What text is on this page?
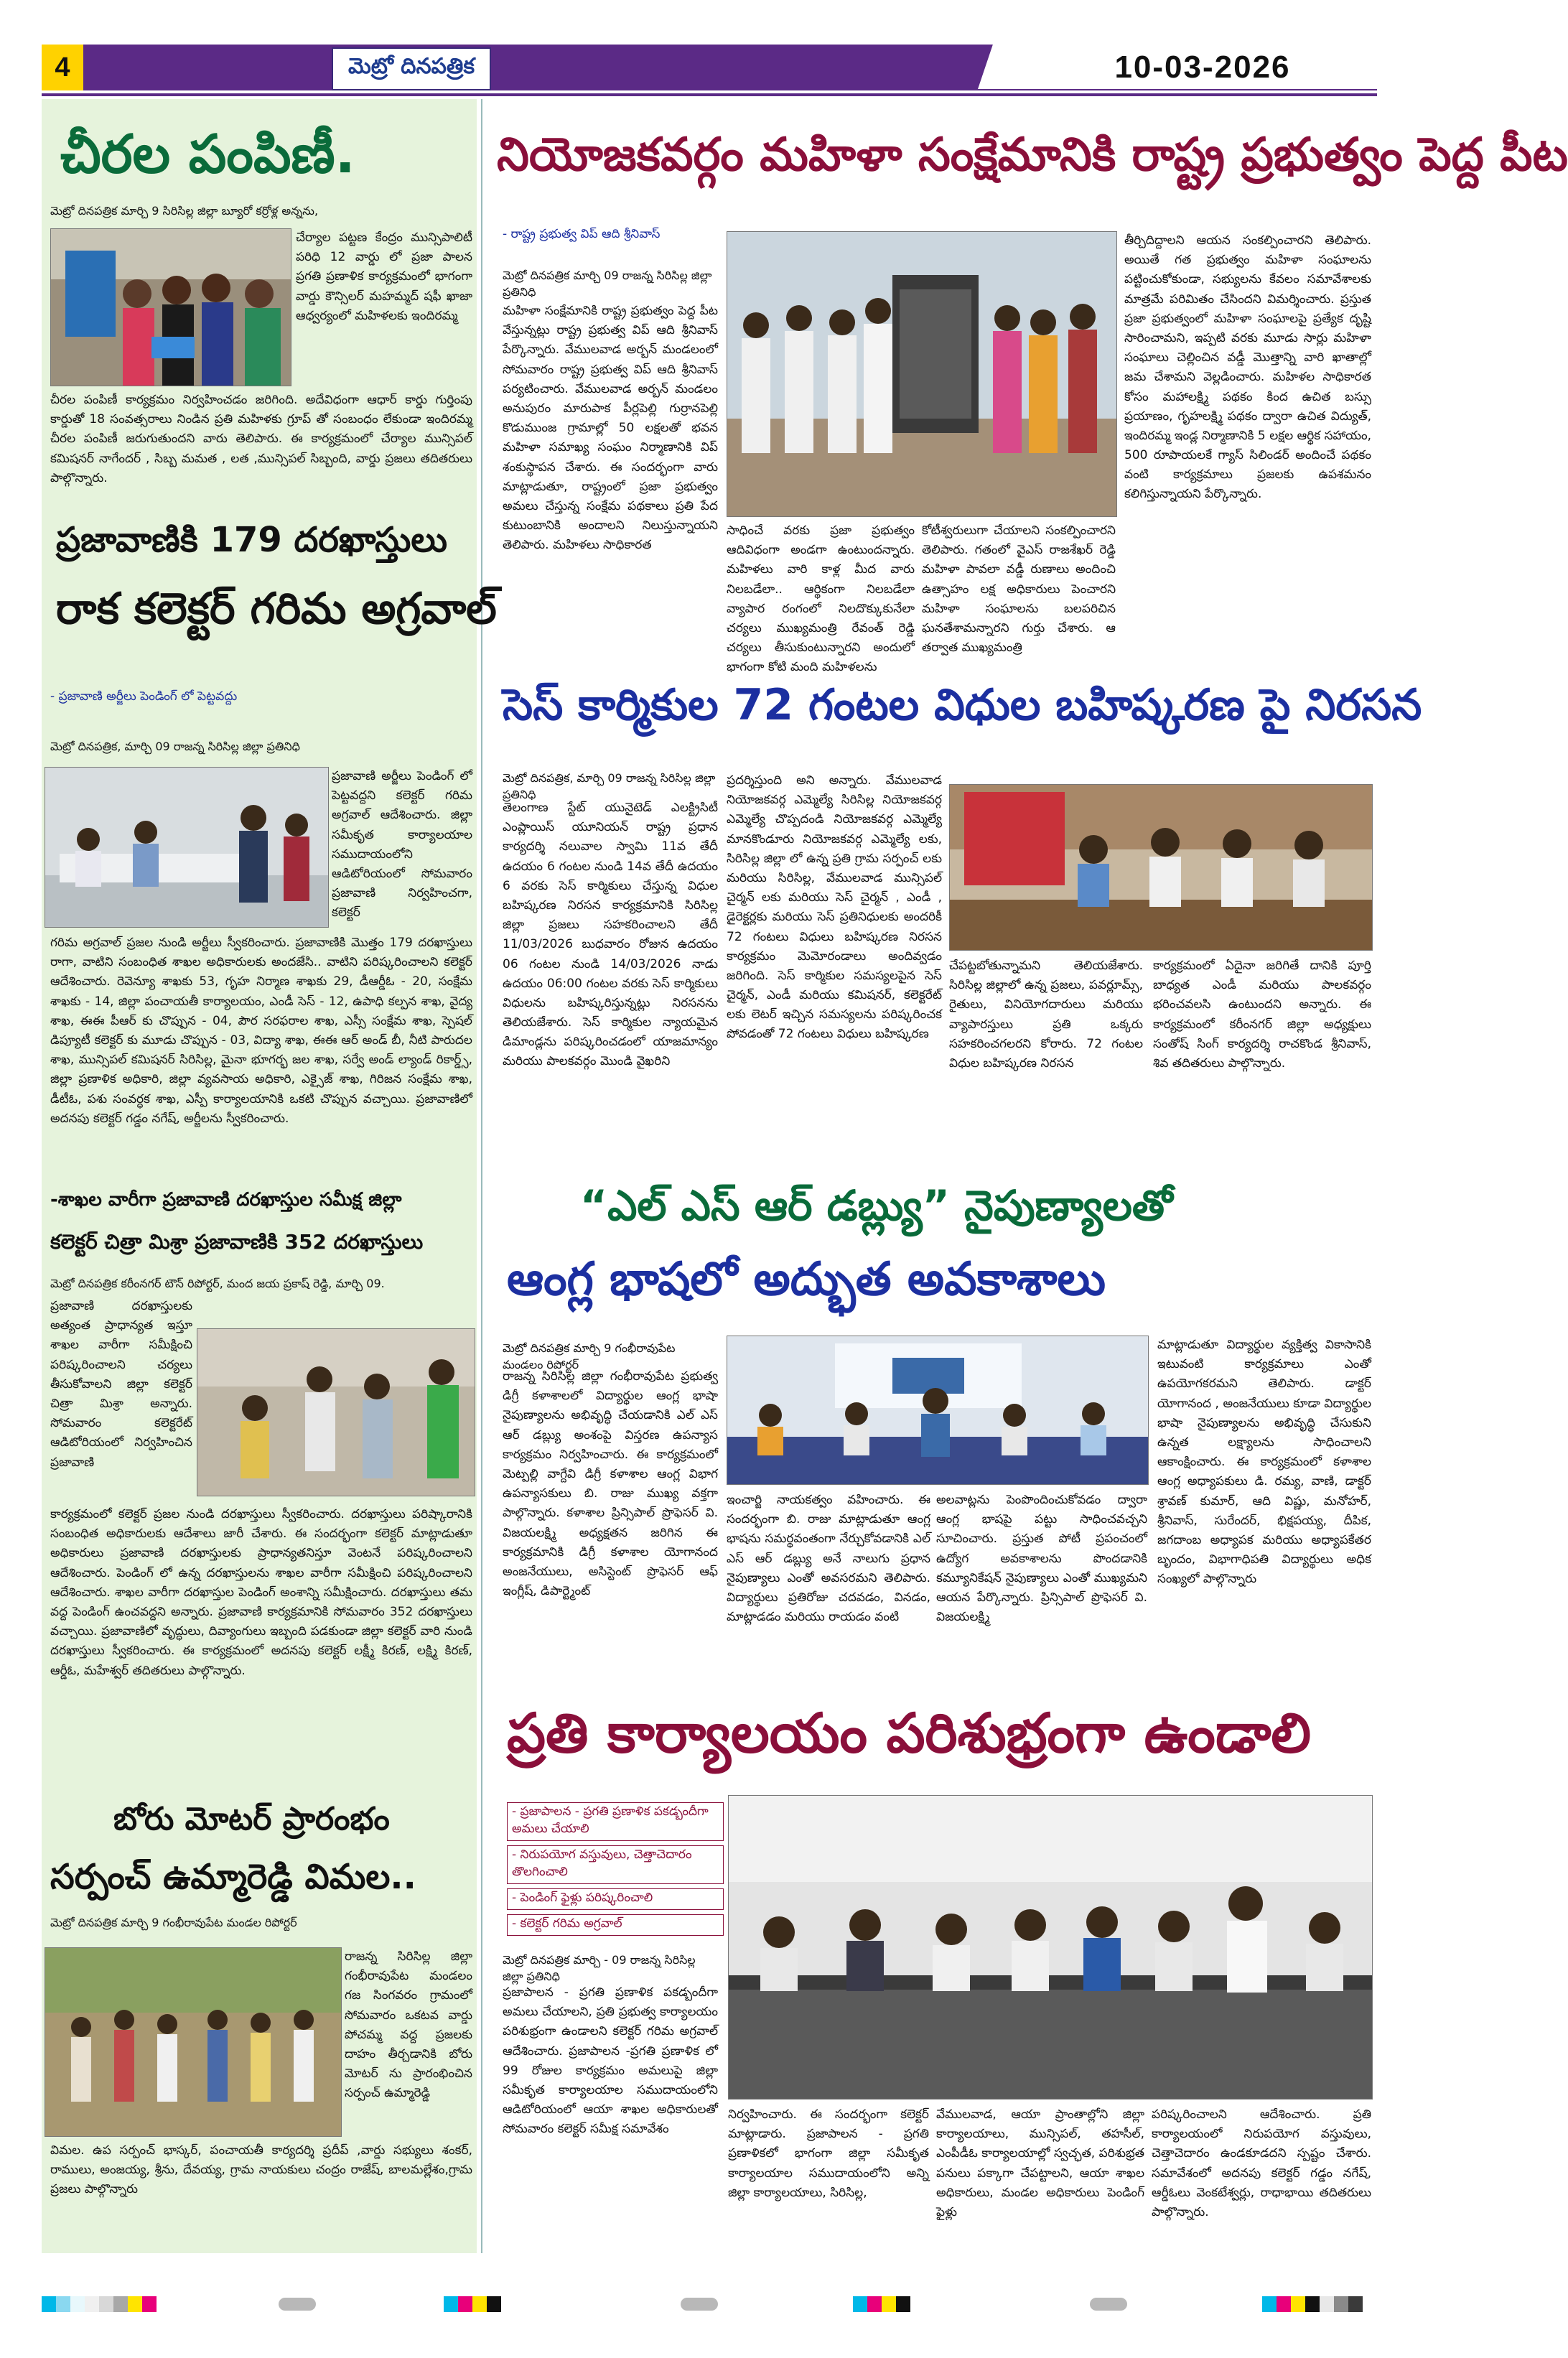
4	మెట్రో దినపత్రిక	10-03-2026
చీరల పంపిణీ.
మెట్రో దినపత్రిక మార్చి 9 సిరిసిల్ల జిల్లా బ్యూరో కర్రోళ్ల అన్నను,
చేర్యాల పట్టణ కేంద్రం మున్సిపాలిటీ పరిధి 12 వార్డు లో ప్రజా పాలన ప్రగతి ప్రణాళిక కార్యక్రమంలో భాగంగా వార్డు కౌన్సిలర్ మహమ్మద్ షఫీ ఖాజా ఆధ్వర్యంలో మహిళలకు ఇందిరమ్మ
చీరల పంపిణీ కార్యక్రమం నిర్వహించడం జరిగింది. అదేవిధంగా ఆధార్ కార్డు గుర్తింపు కార్డుతో 18 సంవత్సరాలు నిండిన ప్రతి మహిళకు గ్రూప్ తో సంబంధం లేకుండా ఇందిరమ్మ చీరల పంపిణీ జరుగుతుందని వారు తెలిపారు. ఈ కార్యక్రమంలో చేర్యాల మున్సిపల్ కమిషనర్ నాగేందర్ , సిబ్బ మమత , లత ,మున్సిపల్ సిబ్బంది, వార్డు ప్రజలు తదితరులు పాల్గొన్నారు.
ప్రజావాణికి 179 దరఖాస్తులు
రాక కలెక్టర్ గరిమ అగ్రవాల్
- ప్రజావాణి అర్జీలు పెండింగ్ లో పెట్టవద్దు
మెట్రో దినపత్రిక, మార్చి 09 రాజన్న సిరిసిల్ల జిల్లా ప్రతినిధి
ప్రజావాణి అర్జీలు పెండింగ్ లో పెట్టవద్దని కలెక్టర్ గరిమ అగ్రవాల్ ఆదేశించారు. జిల్లా సమీకృత కార్యాలయాల సముదాయంలోని ఆడిటోరియంలో సోమవారం ప్రజావాణి నిర్వహించగా, కలెక్టర్
గరిమ అగ్రవాల్ ప్రజల నుండి అర్జీలు స్వీకరించారు. ప్రజావాణికి మొత్తం 179 దరఖాస్తులు రాగా, వాటిని సంబంధిత శాఖల అధికారులకు అందజేసి.. వాటిని పరిష్కరించాలని కలెక్టర్ ఆదేశించారు. రెవెన్యూ శాఖకు 53, గృహ నిర్మాణ శాఖకు 29, డీఆర్డీఓ - 20, సంక్షేమ శాఖకు - 14, జిల్లా పంచాయతీ కార్యాలయం, ఎండీ సెస్ - 12, ఉపాధి కల్పన శాఖ, వైద్య శాఖ, ఈఈ పీఆర్ కు చొప్పున - 04, పౌర సరఫరాల శాఖ, ఎస్సీ సంక్షేమ శాఖ, స్పెషల్ డిప్యూటీ కలెక్టర్ కు మూడు చొప్పున - 03, విద్యా శాఖ, ఈఈ ఆర్ అండ్ బీ, నీటి పారుదల శాఖ, మున్సిపల్ కమిషనర్ సిరిసిల్ల, మైనా భూగర్భ జల శాఖ, సర్వే అండ్ ల్యాండ్ రికార్డ్స్, జిల్లా ప్రణాళిక అధికారి, జిల్లా వ్యవసాయ అధికారి, ఎక్సైజ్ శాఖ, గిరిజన సంక్షేమ శాఖ, డీటీఓ, పశు సంవర్ధక శాఖ, ఎస్పీ కార్యాలయానికి ఒకటి చొప్పున వచ్చాయి. ప్రజావాణిలో అదనపు కలెక్టర్ గడ్డం నగేష్, అర్జీలను స్వీకరించారు.
-శాఖల వారీగా ప్రజావాణి దరఖాస్తుల సమీక్ష జిల్లా
కలెక్టర్ చిత్రా మిశ్రా ప్రజావాణికి 352 దరఖాస్తులు
మెట్రో దినపత్రిక కరీంనగర్ టౌన్ రిపోర్టర్, మంద జయ ప్రకాష్ రెడ్డి, మార్చి 09.
ప్రజావాణి దరఖాస్తులకు అత్యంత ప్రాధాన్యత ఇస్తూ శాఖల వారీగా సమీక్షించి పరిష్కరించాలని చర్యలు తీసుకోవాలని జిల్లా కలెక్టర్ చిత్రా మిశ్రా అన్నారు. సోమవారం కలెక్టరేట్ ఆడిటోరియంలో నిర్వహించిన ప్రజావాణి
కార్యక్రమంలో కలెక్టర్ ప్రజల నుండి దరఖాస్తులు స్వీకరించారు. దరఖాస్తులు పరిష్కారానికి సంబంధిత అధికారులకు ఆదేశాలు జారీ చేశారు. ఈ సందర్భంగా కలెక్టర్ మాట్లాడుతూ అధికారులు ప్రజావాణి దరఖాస్తులకు ప్రాధాన్యతనిస్తూ వెంటనే పరిష్కరించాలని ఆదేశించారు. పెండింగ్ లో ఉన్న దరఖాస్తులను శాఖల వారీగా సమీక్షించి పరిష్కరించాలని ఆదేశించారు. శాఖల వారీగా దరఖాస్తుల పెండింగ్ అంశాన్ని సమీక్షించారు. దరఖాస్తులు తమ వద్ద పెండింగ్ ఉంచవద్దని అన్నారు. ప్రజావాణి కార్యక్రమానికి సోమవారం 352 దరఖాస్తులు వచ్చాయి. ప్రజావాణిలో వృద్ధులు, దివ్యాంగులు ఇబ్బంది పడకుండా జిల్లా కలెక్టర్ వారి నుండి దరఖాస్తులు స్వీకరించారు. ఈ కార్యక్రమంలో అదనపు కలెక్టర్ లక్ష్మీ కిరణ్, లక్ష్మి కిరణ్, ఆర్డీఓ, మహేశ్వర్ తదితరులు పాల్గొన్నారు.
బోరు మోటర్ ప్రారంభం
సర్పంచ్ ఉమ్మారెడ్డి విమల..
మెట్రో దినపత్రిక మార్చి 9 గంభీరావుపేట మండల రిపోర్టర్
రాజన్న సిరిసిల్ల జిల్లా గంభీరావుపేట మండలం గజ సింగవరం గ్రామంలో సోమవారం ఒకటవ వార్డు పోచమ్మ వద్ద ప్రజలకు దాహం తీర్చడానికి బోరు మోటర్ ను ప్రారంభించిన సర్పంచ్ ఉమ్మారెడ్డి
విమల. ఉప సర్పంచ్ భాస్కర్, పంచాయతీ కార్యదర్శి ప్రదీప్ ,వార్డు సభ్యులు శంకర్, రాములు, అంజయ్య, శ్రీను, దేవయ్య, గ్రామ నాయకులు చంద్రం రాజేష్, బాలమల్లేశం,గ్రామ ప్రజలు పాల్గొన్నారు
నియోజకవర్గం మహిళా సంక్షేమానికి రాష్ట్ర ప్రభుత్వం పెద్ద పీట
- రాష్ట్ర ప్రభుత్వ విప్ ఆది శ్రీనివాస్
మెట్రో దినపత్రిక మార్చి 09 రాజన్న సిరిసిల్ల జిల్లా ప్రతినిధి
మహిళా సంక్షేమానికి రాష్ట్ర ప్రభుత్వం పెద్ద పీట వేస్తున్నట్లు రాష్ట్ర ప్రభుత్వ విప్ ఆది శ్రీనివాస్ పేర్కొన్నారు. వేములవాడ అర్బన్ మండలంలో సోమవారం రాష్ట్ర ప్రభుత్వ విప్ ఆది శ్రీనివాస్ పర్యటించారు. వేములవాడ అర్బన్ మండలం అనుపురం మారుపాక పీర్లపెల్లి గుర్రానపెల్లి కొడుముంజ గ్రామాల్లో 50 లక్షలతో భవన మహిళా సమాఖ్య సంఘం నిర్మాణానికి విప్ శంకుస్థాపన చేశారు. ఈ సందర్భంగా వారు మాట్లాడుతూ, రాష్ట్రంలో ప్రజా ప్రభుత్వం అమలు చేస్తున్న సంక్షేమ పథకాలు ప్రతి పేద కుటుంబానికి అందాలని నిలుస్తున్నాయని తెలిపారు. మహిళలు సాధికారత
సాధించే వరకు ప్రజా ప్రభుత్వం ఆదివిధంగా అండగా ఉంటుందన్నారు. మహిళలు వారి కాళ్ల మీద వారు నిలబడేలా.. ఆర్థికంగా నిలబడేలా వ్యాపార రంగంలో నిలదొక్కుకునేలా చర్యలు ముఖ్యమంత్రి రేవంత్ రెడ్డి చర్యలు తీసుకుంటున్నారని అందులో భాగంగా కోటి మంది మహిళలను
కోటీశ్వరులుగా చేయాలని సంకల్పించారని తెలిపారు. గతంలో వైఎస్ రాజశేఖర్ రెడ్డి మహిళా పావలా వడ్డీ రుణాలు అందించి ఉత్సాహం లక్ష అధికారులు పెంచారని మహిళా సంఘాలను బలపరిచిన ఘనతేశామన్నారని గుర్తు చేశారు. ఆ తర్వాత ముఖ్యమంత్రి
తీర్చిదిద్దాలని ఆయన సంకల్పించారని తెలిపారు. అయితే గత ప్రభుత్వం మహిళా సంఘాలను పట్టించుకోకుండా, సభ్యులను కేవలం సమావేశాలకు మాత్రమే పరిమితం చేసిందని విమర్శించారు. ప్రస్తుత ప్రజా ప్రభుత్వంలో మహిళా సంఘాలపై ప్రత్యేక దృష్టి సారించామని, ఇప్పటి వరకు మూడు సార్లు మహిళా సంఘాలు చెల్లించిన వడ్డీ మొత్తాన్ని వారి ఖాతాల్లో జమ చేశామని వెల్లడించారు. మహిళల సాధికారత కోసం మహాలక్ష్మి పథకం కింద ఉచిత బస్సు ప్రయాణం, గృహలక్ష్మి పథకం ద్వారా ఉచిత విద్యుత్, ఇందిరమ్మ ఇండ్ల నిర్మాణానికి 5 లక్షల ఆర్థిక సహాయం, 500 రూపాయలకే గ్యాస్ సిలిండర్ అందించే పథకం వంటి కార్యక్రమాలు ప్రజలకు ఉపశమనం కలిగిస్తున్నాయని పేర్కొన్నారు.
సెస్ కార్మికుల 72 గంటల విధుల బహిష్కరణ పై నిరసన
మెట్రో దినపత్రిక, మార్చి 09 రాజన్న సిరిసిల్ల జిల్లా ప్రతినిధి
తెలంగాణ స్టేట్ యునైటెడ్ ఎలక్ట్రిసిటీ ఎంప్లాయిస్ యూనియన్ రాష్ట్ర ప్రధాన కార్యదర్శి నలువాల స్వామి 11వ తేదీ ఉదయం 6 గంటల నుండి 14వ తేదీ ఉదయం 6 వరకు సెస్ కార్మికులు చేస్తున్న విధుల బహిష్కరణ నిరసన కార్యక్రమానికి సిరిసిల్ల జిల్లా ప్రజలు సహకరించాలని తేదీ 11/03/2026 బుధవారం రోజున ఉదయం 06 గంటల నుండి 14/03/2026 నాడు ఉదయం 06:00 గంటల వరకు సెస్ కార్మికులు విధులను బహిష్కరిస్తున్నట్లు నిరసనను తెలియజేశారు. సెస్ కార్మికుల న్యాయమైన డిమాండ్లను పరిష్కరించడంలో యాజమాన్యం మరియు పాలకవర్గం మొండి వైఖరిని
ప్రదర్శిస్తుంది అని అన్నారు. వేములవాడ నియోజకవర్గ ఎమ్మెల్యే సిరిసిల్ల నియోజకవర్గ ఎమ్మెల్యే చొప్పదండి నియోజకవర్గ ఎమ్మెల్యే మానకొండూరు నియోజకవర్గ ఎమ్మెల్యే లకు, సిరిసిల్ల జిల్లా లో ఉన్న ప్రతి గ్రామ సర్పంచ్ లకు మరియు సిరిసిల్ల, వేములవాడ మున్సిపల్ చైర్మన్ లకు మరియు సెస్ చైర్మన్ , ఎండీ , డైరెక్టర్లకు మరియు సెస్ ప్రతినిధులకు అందరికీ 72 గంటలు విధులు బహిష్కరణ నిరసన కార్యక్రమం మెమోరండాలు అందివ్వడం జరిగింది. సెస్ కార్మికుల సమస్యలపైన సెస్ చైర్మన్, ఎండీ మరియు కమిషనర్, కలెక్టరేట్ లకు లెటర్ ఇచ్చిన సమస్యలను పరిష్కరించక పోవడంతో 72 గంటలు విధులు బహిష్కరణ
చేపట్టబోతున్నామని తెలియజేశారు. సిరిసిల్ల జిల్లాలో ఉన్న ప్రజలు, పవర్లూమ్స్, రైతులు, వినియోగదారులు మరియు వ్యాపారస్తులు ప్రతి ఒక్కరు సహకరించగలరని కోరారు. 72 గంటల విధుల బహిష్కరణ నిరసన
కార్యక్రమంలో ఏదైనా జరిగితే దానికి పూర్తి బాధ్యత ఎండీ మరియు పాలకవర్గం భరించవలసి ఉంటుందని అన్నారు. ఈ కార్యక్రమంలో కరీంనగర్ జిల్లా అధ్యక్షులు సంతోష్ సింగ్ కార్యదర్శి రాచకొండ శ్రీనివాస్, శివ తదితరులు పాల్గొన్నారు.
“ఎల్ ఎస్ ఆర్ డబ్ల్యు” నైపుణ్యాలతో
ఆంగ్ల భాషలో అద్భుత అవకాశాలు
మెట్రో దినపత్రిక మార్చి 9 గంభీరావుపేట మండలం రిపోర్టర్
రాజన్న సిరిసిల్ల జిల్లా గంభీరావుపేట ప్రభుత్వ డిగ్రీ కళాశాలలో విద్యార్థుల ఆంగ్ల భాషా నైపుణ్యాలను అభివృద్ధి చేయడానికి ఎల్ ఎస్ ఆర్ డబ్ల్యు అంశంపై విస్తరణ ఉపన్యాస కార్యక్రమం నిర్వహించారు. ఈ కార్యక్రమంలో మెట్పల్లి వాగ్దేవి డిగ్రీ కళాశాల ఆంగ్ల విభాగ ఉపన్యాసకులు బి. రాజు ముఖ్య వక్తగా పాల్గొన్నారు. కళాశాల ప్రిన్సిపాల్ ప్రొఫెసర్ వి. విజయలక్ష్మి అధ్యక్షతన జరిగిన ఈ కార్యక్రమానికి డిగ్రీ కళాశాల యోగానంద అంజనేయులు, అసిస్టెంట్ ప్రొఫెసర్ ఆఫ్ ఇంగ్లీష్, డిపార్ట్మెంట్
ఇంచార్జి నాయకత్వం వహించారు. ఈ సందర్భంగా బి. రాజు మాట్లాడుతూ ఆంగ్ల భాషను సమర్థవంతంగా నేర్చుకోవడానికి ఎల్ ఎస్ ఆర్ డబ్ల్యు అనే నాలుగు ప్రధాన నైపుణ్యాలు ఎంతో అవసరమని తెలిపారు. విద్యార్థులు ప్రతిరోజు చదవడం, వినడం, మాట్లాడడం మరియు రాయడం వంటి
అలవాట్లను పెంపొందించుకోవడం ద్వారా ఆంగ్ల భాషపై పట్టు సాధించవచ్చని సూచించారు. ప్రస్తుత పోటీ ప్రపంచంలో ఉద్యోగ అవకాశాలను పొందడానికి కమ్యూనికేషన్ నైపుణ్యాలు ఎంతో ముఖ్యమని ఆయన పేర్కొన్నారు. ప్రిన్సిపాల్ ప్రొఫెసర్ వి. విజయలక్ష్మి
మాట్లాడుతూ విద్యార్థుల వ్యక్తిత్వ వికాసానికి ఇటువంటి కార్యక్రమాలు ఎంతో ఉపయోగకరమని తెలిపారు. డాక్టర్ యోగానంద , అంజనేయులు కూడా విద్యార్థుల భాషా నైపుణ్యాలను అభివృద్ధి చేసుకుని ఉన్నత లక్ష్యాలను సాధించాలని ఆకాంక్షించారు. ఈ కార్యక్రమంలో కళాశాల ఆంగ్ల అధ్యాపకులు డి. రమ్య, వాణి, డాక్టర్ శ్రావణ్ కుమార్, ఆది విష్ణు, మనోహర్, శ్రీనివాస్, సురేందర్, భిక్షపయ్య, దీపిక, జగదాంబ అధ్యాపక మరియు అధ్యాపకేతర బృందం, విభాగాధిపతి విద్యార్థులు అధిక సంఖ్యలో పాల్గొన్నారు
ప్రతి కార్యాలయం పరిశుభ్రంగా ఉండాలి
- ప్రజాపాలన - ప్రగతి ప్రణాళిక పకడ్బందీగా అమలు చేయాలి
- నిరుపయోగ వస్తువులు, చెత్తాచెదారం తొలగించాలి
- పెండింగ్ ఫైళ్లు పరిష్కరించాలి
- కలెక్టర్ గరిమ అగ్రవాల్
మెట్రో దినపత్రిక మార్చి - 09 రాజన్న సిరిసిల్ల జిల్లా ప్రతినిధి
ప్రజాపాలన - ప్రగతి ప్రణాళిక పకడ్బందీగా అమలు చేయాలని, ప్రతి ప్రభుత్వ కార్యాలయం పరిశుభ్రంగా ఉండాలని కలెక్టర్ గరిమ అగ్రవాల్ ఆదేశించారు. ప్రజాపాలన -ప్రగతి ప్రణాళిక లో 99 రోజుల కార్యక్రమం అమలుపై జిల్లా సమీకృత కార్యాలయాల సముదాయంలోని ఆడిటోరియంలో ఆయా శాఖల అధికారులతో సోమవారం కలెక్టర్ సమీక్ష సమావేశం
నిర్వహించారు. ఈ సందర్భంగా కలెక్టర్ మాట్లాడారు. ప్రజాపాలన - ప్రగతి ప్రణాళికలో భాగంగా జిల్లా సమీకృత కార్యాలయాల సముదాయంలోని అన్ని జిల్లా కార్యాలయాలు, సిరిసిల్ల,
వేములవాడ, ఆయా ప్రాంతాల్లోని జిల్లా కార్యాలయాలు, మున్సిపల్, తహసీల్, ఎంపీడీఓ కార్యాలయాల్లో స్వచ్ఛత, పరిశుభ్రత పనులు పక్కాగా చేపట్టాలని, ఆయా శాఖల అధికారులు, మండల అధికారులు పెండింగ్ ఫైళ్లు
పరిష్కరించాలని ఆదేశించారు. ప్రతి కార్యాలయంలో నిరుపయోగ వస్తువులు, చెత్తాచెదారం ఉండకూడదని స్పష్టం చేశారు. సమావేశంలో అదనపు కలెక్టర్ గడ్డం నగేష్, ఆర్డీఓలు వెంకటేశ్వర్లు, రాధాభాయి తదితరులు పాల్గొన్నారు.
